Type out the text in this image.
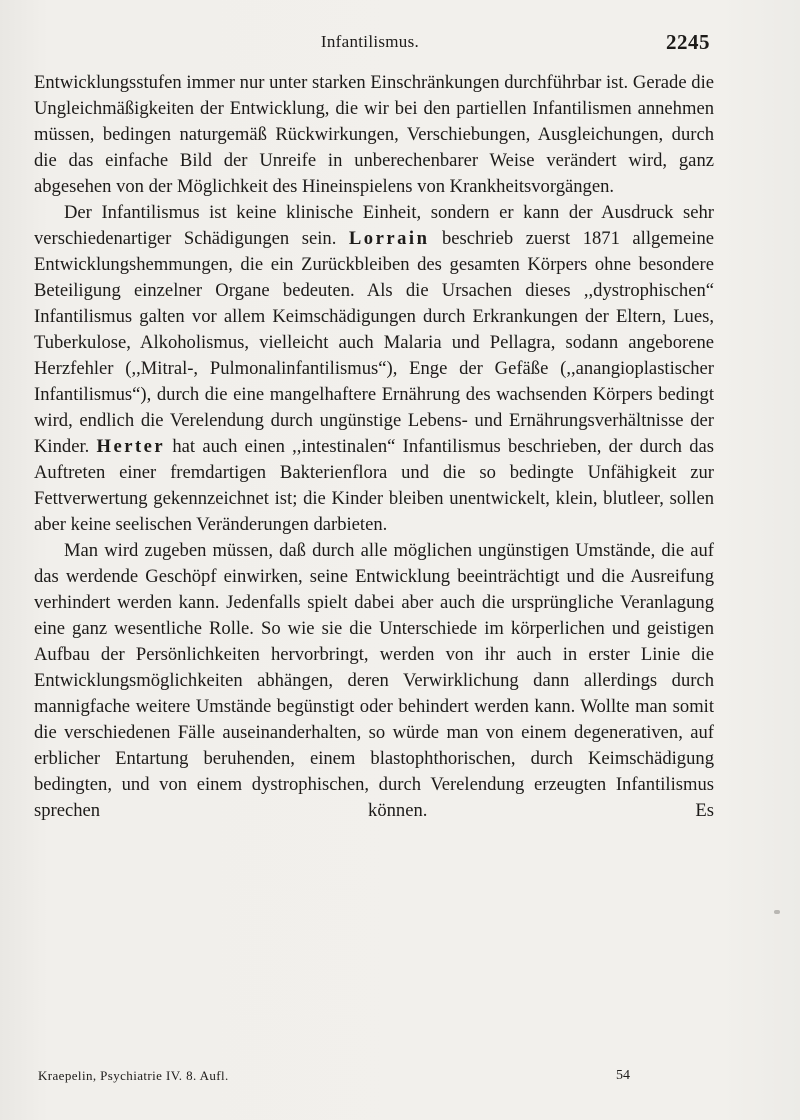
Infantilismus.	2245

Entwicklungsstufen immer nur unter starken Einschränkungen durchführbar ist. Gerade die Ungleichmäßigkeiten der Entwicklung, die wir bei den partiellen Infantilismen annehmen müssen, bedingen naturgemäß Rückwirkungen, Verschiebungen, Ausgleichungen, durch die das einfache Bild der Unreife in unberechenbarer Weise verändert wird, ganz abgesehen von der Möglichkeit des Hineinspielens von Krankheitsvorgängen.

Der Infantilismus ist keine klinische Einheit, sondern er kann der Ausdruck sehr verschiedenartiger Schädigungen sein. Lorrain beschrieb zuerst 1871 allgemeine Entwicklungshemmungen, die ein Zurückbleiben des gesamten Körpers ohne besondere Beteiligung einzelner Organe bedeuten. Als die Ursachen dieses ,,dystrophischen“ Infantilismus galten vor allem Keimschädigungen durch Erkrankungen der Eltern, Lues, Tuberkulose, Alkoholismus, vielleicht auch Malaria und Pellagra, sodann angeborene Herzfehler (,,Mitral-, Pulmonalinfantilismus“), Enge der Gefäße (,,anangioplastischer Infantilismus“), durch die eine mangelhaftere Ernährung des wachsenden Körpers bedingt wird, endlich die Verelendung durch ungünstige Lebens- und Ernährungsverhältnisse der Kinder. Herter hat auch einen ,,intestinalen“ Infantilismus beschrieben, der durch das Auftreten einer fremdartigen Bakterienflora und die so bedingte Unfähigkeit zur Fettverwertung gekennzeichnet ist; die Kinder bleiben unentwickelt, klein, blutleer, sollen aber keine seelischen Veränderungen darbieten.

Man wird zugeben müssen, daß durch alle möglichen ungünstigen Umstände, die auf das werdende Geschöpf einwirken, seine Entwicklung beeinträchtigt und die Ausreifung verhindert werden kann. Jedenfalls spielt dabei aber auch die ursprüngliche Veranlagung eine ganz wesentliche Rolle. So wie sie die Unterschiede im körperlichen und geistigen Aufbau der Persönlichkeiten hervorbringt, werden von ihr auch in erster Linie die Entwicklungsmöglichkeiten abhängen, deren Verwirklichung dann allerdings durch mannigfache weitere Umstände begünstigt oder behindert werden kann. Wollte man somit die verschiedenen Fälle auseinanderhalten, so würde man von einem degenerativen, auf erblicher Entartung beruhenden, einem blastophthorischen, durch Keimschädigung bedingten, und von einem dystrophischen, durch Verelendung erzeugten Infantilismus sprechen können. Es

Kraepelin, Psychiatrie IV. 8. Aufl.	54
